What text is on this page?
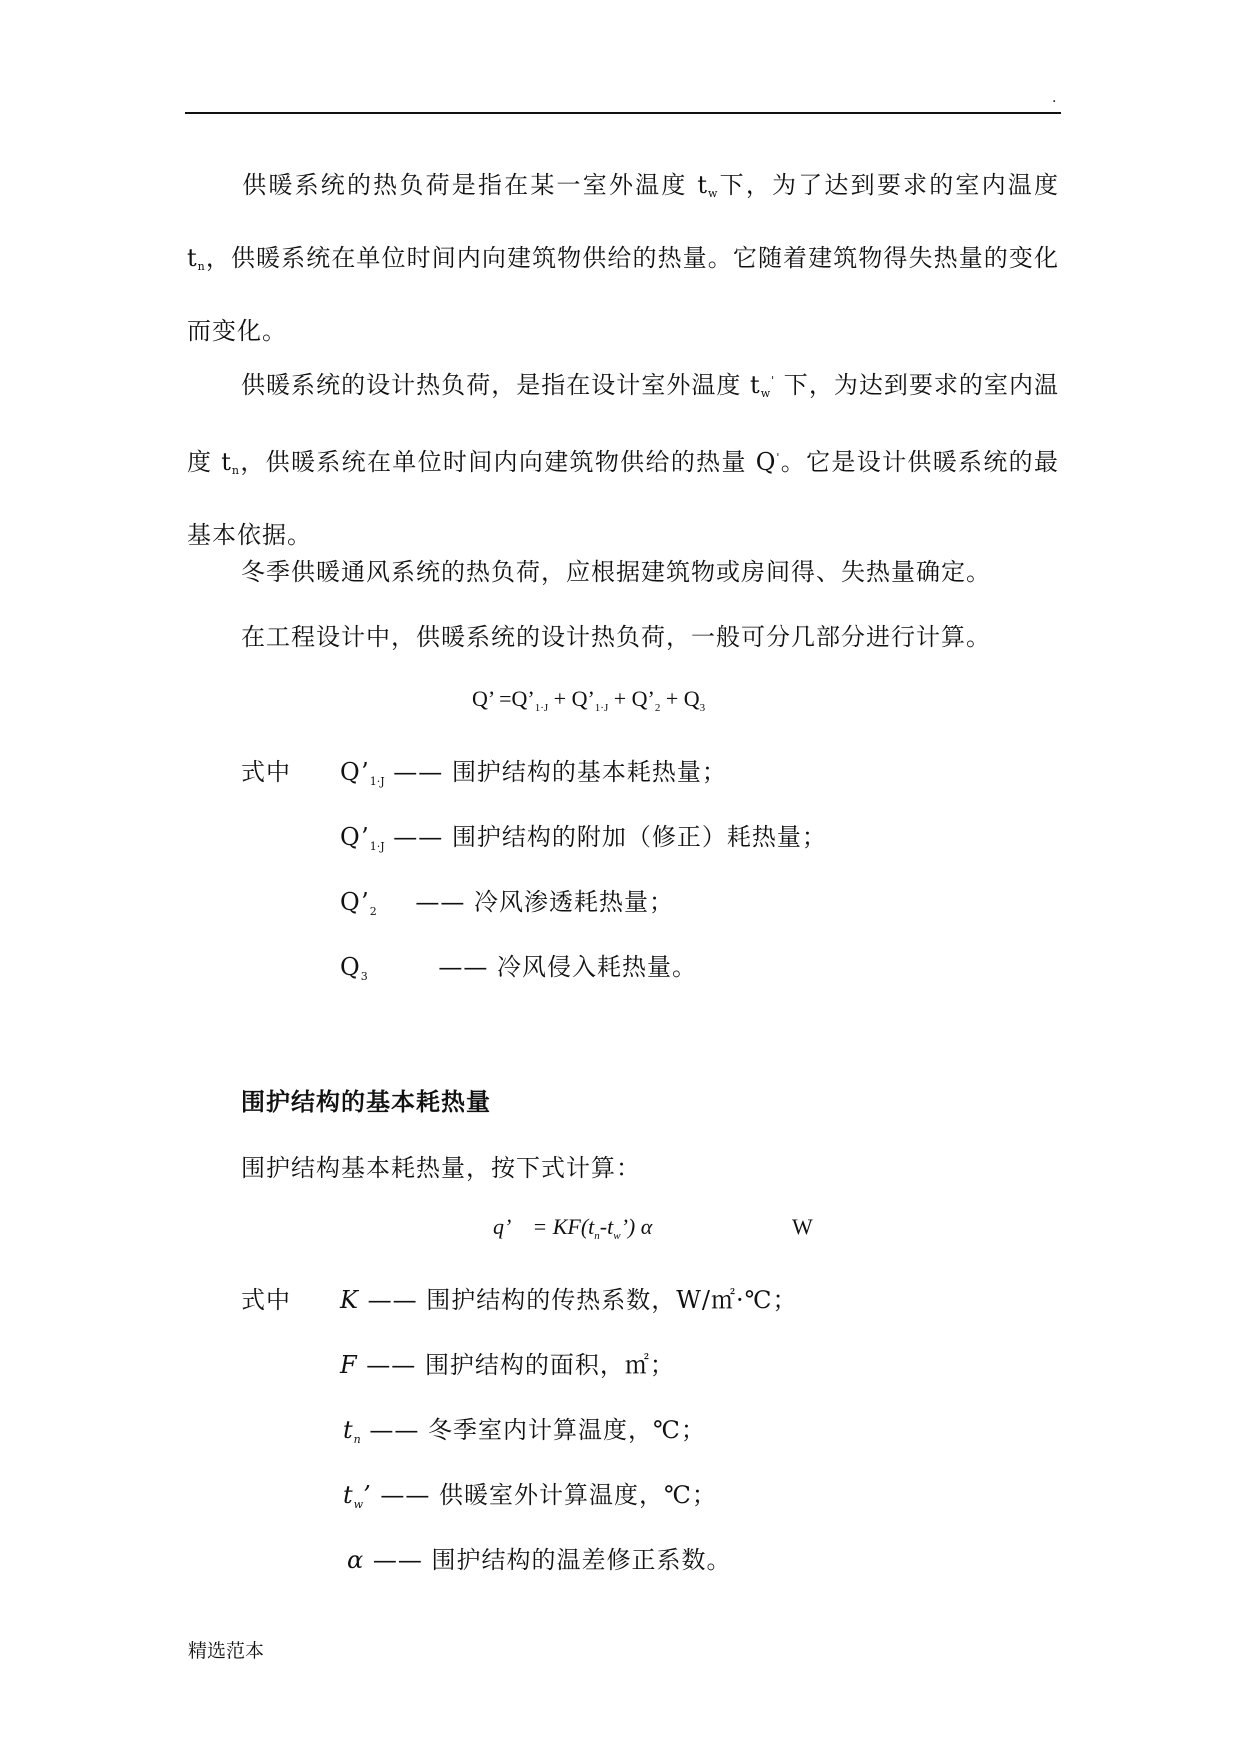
.

供暖系统的热负荷是指在某一室外温度 $t_w$下，为了达到要求的室内温度 $t_n$，供暖系统在单位时间内向建筑物供给的热量。它随着建筑物得失热量的变化而变化。

供暖系统的设计热负荷，是指在设计室外温度 $t_w'$ 下，为达到要求的室内温度 $t_n$，供暖系统在单位时间内向建筑物供给的热量 Q'。它是设计供暖系统的最基本依据。

冬季供暖通风系统的热负荷，应根据建筑物或房间得、失热量确定。
在工程设计中，供暖系统的设计热负荷，一般可分几部分进行计算。
Q’ $=Q’_{1\cdot J}$ + $Q’_{1\cdot J}$ + $Q’_2 + Q_3$
式中 $Q’_{1\cdot J}$ —— 围护结构的基本耗热量；
$Q’_{1\cdot J}$ —— 围护结构的附加（修正）耗热量；
$Q’_2$ —— 冷风渗透耗热量；
$Q_3$	—— 冷风侵入耗热量。
围护结构的基本耗热量
围护结构基本耗热量，按下式计算：
q’ = $KF(t_n-t_w’)$ α	W
式中 K —— 围护结构的传热系数，W/㎡·℃；
F —— 围护结构的面积，㎡；
$t_n$ —— 冬季室内计算温度，℃；
$t_w$’ —— 供暖室外计算温度，℃；
α —— 围护结构的温差修正系数。
精选范本
